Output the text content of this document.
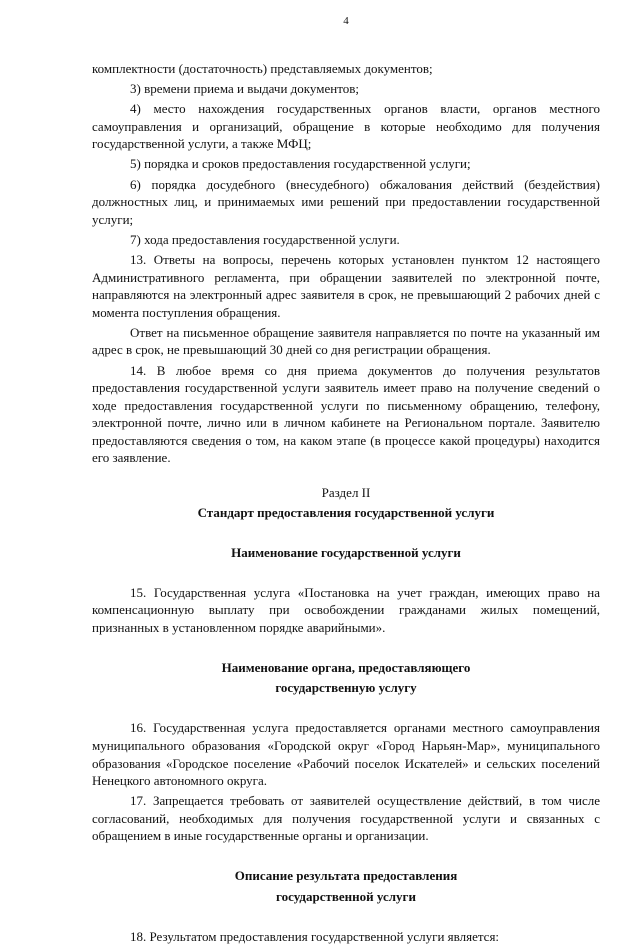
4

комплектности (достаточность) представляемых документов;

3) времени приема и выдачи документов;

4) место нахождения государственных органов власти, органов местного самоуправления и организаций, обращение в которые необходимо для получения государственной услуги, а также МФЦ;

5) порядка и сроков предоставления государственной услуги;

6) порядка досудебного (внесудебного) обжалования действий (бездействия) должностных лиц, и принимаемых ими решений при предоставлении государственной услуги;

7) хода предоставления государственной услуги.

13. Ответы на вопросы, перечень которых установлен пунктом 12 настоящего Административного регламента, при обращении заявителей по электронной почте, направляются на электронный адрес заявителя в срок, не превышающий 2 рабочих дней с момента поступления обращения.

Ответ на письменное обращение заявителя направляется по почте на указанный им адрес в срок, не превышающий 30 дней со дня регистрации обращения.

14. В любое время со дня приема документов до получения результатов предоставления государственной услуги заявитель имеет право на получение сведений о ходе предоставления государственной услуги по письменному обращению, телефону, электронной почте, лично или в личном кабинете на Региональном портале. Заявителю предоставляются сведения о том, на каком этапе (в процессе какой процедуры) находится его заявление.

Раздел II

Стандарт предоставления государственной услуги

Наименование государственной услуги

15. Государственная услуга «Постановка на учет граждан, имеющих право на компенсационную выплату при освобождении гражданами жилых помещений, признанных в установленном порядке аварийными».

Наименование органа, предоставляющего

государственную услугу

16. Государственная услуга предоставляется органами местного самоуправления муниципального образования «Городской округ «Город Нарьян-Мар», муниципального образования «Городское поселение «Рабочий поселок Искателей» и сельских поселений Ненецкого автономного округа.

17. Запрещается требовать от заявителей осуществление действий, в том числе согласований, необходимых для получения государственной услуги и связанных с обращением в иные государственные органы и организации.

Описание результата предоставления

государственной услуги

18. Результатом предоставления государственной услуги является:
